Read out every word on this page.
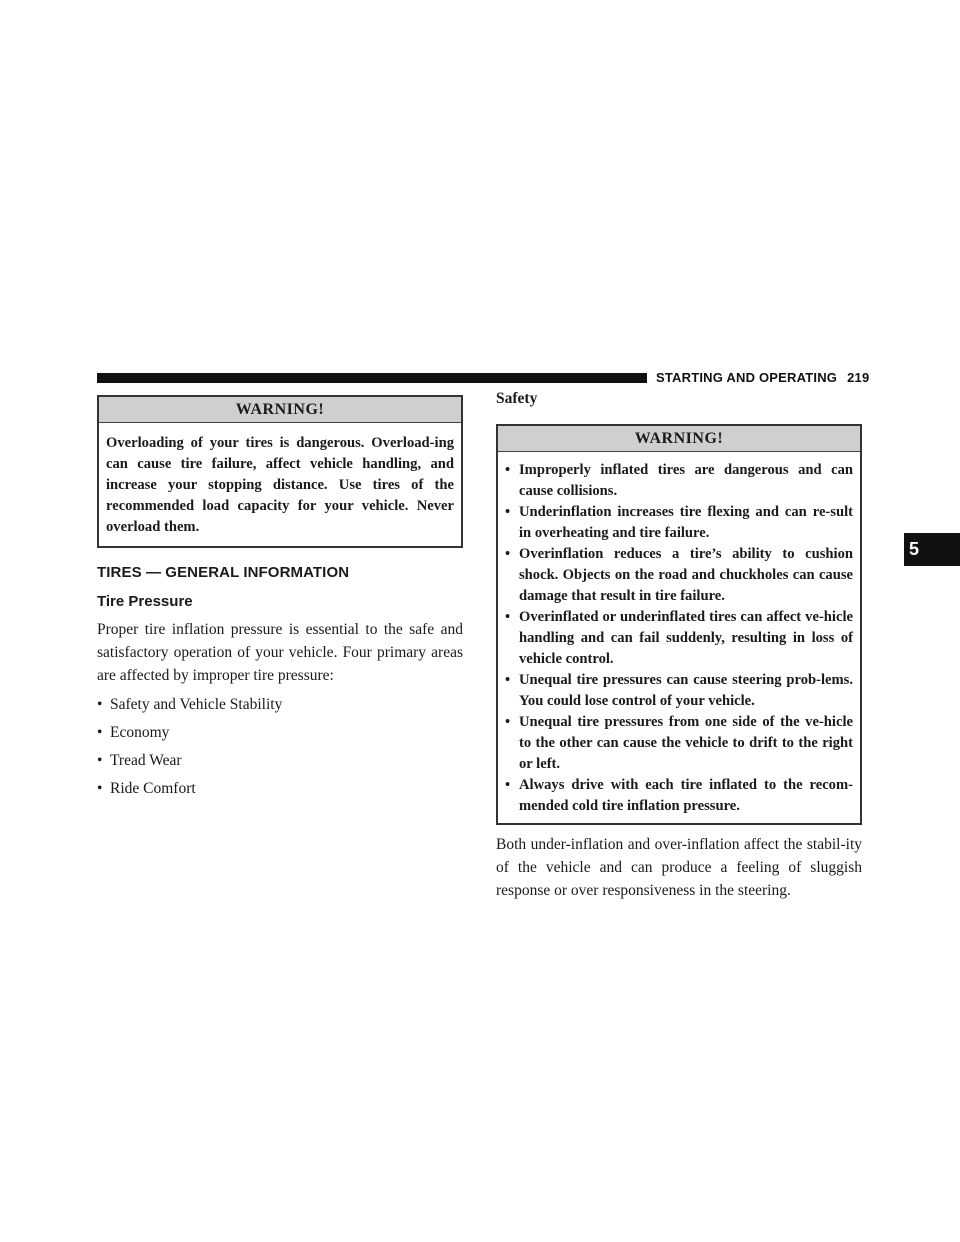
STARTING AND OPERATING 219
5
WARNING!
Overloading of your tires is dangerous. Overload-ing can cause tire failure, affect vehicle handling, and increase your stopping distance. Use tires of the recommended load capacity for your vehicle. Never overload them.
TIRES — GENERAL INFORMATION
Tire Pressure

Proper tire inflation pressure is essential to the safe and satisfactory operation of your vehicle. Four primary areas are affected by improper tire pressure:

• Safety and Vehicle Stability
• Economy
• Tread Wear
• Ride Comfort
Safety
WARNING!
• Improperly inflated tires are dangerous and can cause collisions.
• Underinflation increases tire flexing and can re-sult in overheating and tire failure.
• Overinflation reduces a tire’s ability to cushion shock. Objects on the road and chuckholes can cause damage that result in tire failure.
• Overinflated or underinflated tires can affect ve-hicle handling and can fail suddenly, resulting in loss of vehicle control.
• Unequal tire pressures can cause steering prob-lems. You could lose control of your vehicle.
• Unequal tire pressures from one side of the ve-hicle to the other can cause the vehicle to drift to the right or left.
• Always drive with each tire inflated to the recom-mended cold tire inflation pressure.

Both under-inflation and over-inflation affect the stabil-ity of the vehicle and can produce a feeling of sluggish response or over responsiveness in the steering.
